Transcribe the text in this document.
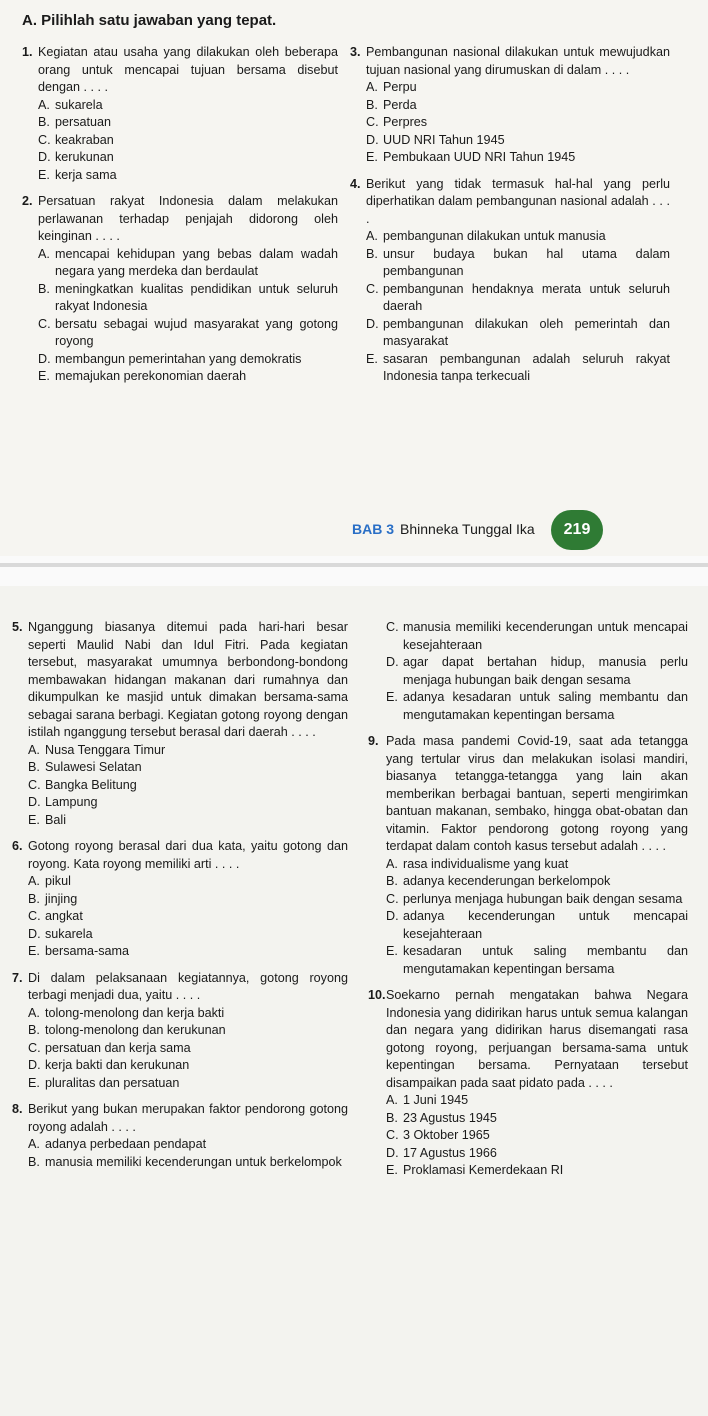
A. Pilihlah satu jawaban yang tepat.
1. Kegiatan atau usaha yang dilakukan oleh beberapa orang untuk mencapai tujuan bersama disebut dengan . . . .
A. sukarela
B. persatuan
C. keakraban
D. kerukunan
E. kerja sama
2. Persatuan rakyat Indonesia dalam melakukan perlawanan terhadap penjajah didorong oleh keinginan . . . .
A. mencapai kehidupan yang bebas dalam wadah negara yang merdeka dan berdaulat
B. meningkatkan kualitas pendidikan untuk seluruh rakyat Indonesia
C. bersatu sebagai wujud masyarakat yang gotong royong
D. membangun pemerintahan yang demokratis
E. memajukan perekonomian daerah
3. Pembangunan nasional dilakukan untuk mewujudkan tujuan nasional yang dirumuskan di dalam . . . .
A. Perpu
B. Perda
C. Perpres
D. UUD NRI Tahun 1945
E. Pembukaan UUD NRI Tahun 1945
4. Berikut yang tidak termasuk hal-hal yang perlu diperhatikan dalam pembangunan nasional adalah . . . .
A. pembangunan dilakukan untuk manusia
B. unsur budaya bukan hal utama dalam pembangunan
C. pembangunan hendaknya merata untuk seluruh daerah
D. pembangunan dilakukan oleh pemerintah dan masyarakat
E. sasaran pembangunan adalah seluruh rakyat Indonesia tanpa terkecuali
BAB 3 Bhinneka Tunggal Ika	219
5. Nganggung biasanya ditemui pada hari-hari besar seperti Maulid Nabi dan Idul Fitri. Pada kegiatan tersebut, masyarakat umumnya berbondong-bondong membawakan hidangan makanan dari rumahnya dan dikumpulkan ke masjid untuk dimakan bersama-sama sebagai sarana berbagi. Kegiatan gotong royong dengan istilah nganggung tersebut berasal dari daerah . . . .
A. Nusa Tenggara Timur
B. Sulawesi Selatan
C. Bangka Belitung
D. Lampung
E. Bali
6. Gotong royong berasal dari dua kata, yaitu gotong dan royong. Kata royong memiliki arti . . . .
A. pikul
B. jinjing
C. angkat
D. sukarela
E. bersama-sama
7. Di dalam pelaksanaan kegiatannya, gotong royong terbagi menjadi dua, yaitu . . . .
A. tolong-menolong dan kerja bakti
B. tolong-menolong dan kerukunan
C. persatuan dan kerja sama
D. kerja bakti dan kerukunan
E. pluralitas dan persatuan
8. Berikut yang bukan merupakan faktor pendorong gotong royong adalah . . . .
A. adanya perbedaan pendapat
B. manusia memiliki kecenderungan untuk berkelompok
C. manusia memiliki kecenderungan untuk mencapai kesejahteraan
D. agar dapat bertahan hidup, manusia perlu menjaga hubungan baik dengan sesama
E. adanya kesadaran untuk saling membantu dan mengutamakan kepentingan bersama
9. Pada masa pandemi Covid-19, saat ada tetangga yang tertular virus dan melakukan isolasi mandiri, biasanya tetangga-tetangga yang lain akan memberikan berbagai bantuan, seperti mengirimkan bantuan makanan, sembako, hingga obat-obatan dan vitamin. Faktor pendorong gotong royong yang terdapat dalam contoh kasus tersebut adalah . . . .
A. rasa individualisme yang kuat
B. adanya kecenderungan berkelompok
C. perlunya menjaga hubungan baik dengan sesama
D. adanya kecenderungan untuk mencapai kesejahteraan
E. kesadaran untuk saling membantu dan mengutamakan kepentingan bersama
10. Soekarno pernah mengatakan bahwa Negara Indonesia yang didirikan harus untuk semua kalangan dan negara yang didirikan harus disemangati rasa gotong royong, perjuangan bersama-sama untuk kepentingan bersama. Pernyataan tersebut disampaikan pada saat pidato pada . . . .
A. 1 Juni 1945
B. 23 Agustus 1945
C. 3 Oktober 1965
D. 17 Agustus 1966
E. Proklamasi Kemerdekaan RI
